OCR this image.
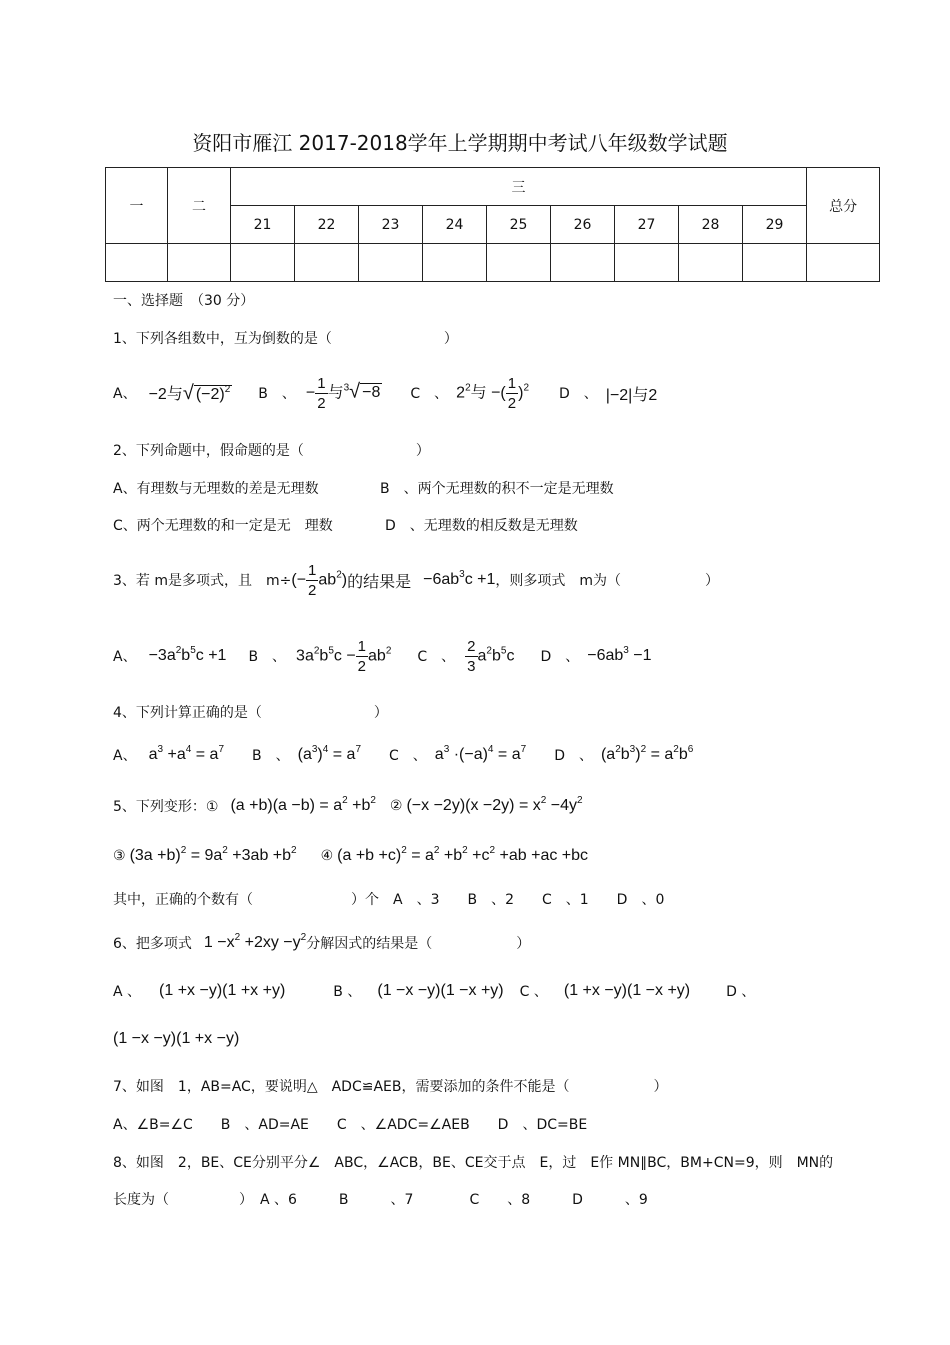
资阳市雁江 2017-2018学年上学期期中考试八年级数学试题
一	二	三									总分
		21	22	23	24	25	26	27	28	29	

一、选择题　（30 分）
1、下列各组数中，互为倒数的是（　　　　　　　　）
A、 −2与√ $(-2)^2$ B　、 − $\frac{1}{2}$ 与$^3$√ −8 C　、 $2^2$与 −( $\frac{1}{2} )^2$ D　、 |−2|与2
2、下列命题中，假命题的是（　　　　　　　　）
A、有理数与无理数的差是无理数	B　、两个无理数的积不一定是无理数
C、两个无理数的和一定是无　理数	D　、无理数的相反数是无理数
3、若 m是多项式，且　m÷ (− $\frac{1}{2} ab^2$) 的结果是 $-6ab^3c +1$ ，则多项式　m为（　　　　　　）
A、 $-3a^2b^5c +1$ B　、 $3a^2b^5c - \frac{1}{2} ab^2$ C　、 $\frac{2}{3} a^2b^5c$ D　、 $-6ab^3 -1$
4、下列计算正确的是（　　　　　　　　）
A、 $a^3 +a^4 = a^7$ B　、 $(a^3)^4 = a^7$ C　、 $a^3 \cdot(-a)^4 = a^7$ D　、 $(a^2b^3)^2 = a^2b^6$
5、下列变形：① $(a +b)(a -b) = a^2 +b^2$ ② $(-x -2y)(x -2y) = x^2 -4y^2$
③ $(3a +b)^2 = 9a^2 +3ab +b^2$ ④ $(a +b +c)^2 = a^2 +b^2 +c^2 +ab +ac +bc$
其中，正确的个数有（　　　　　　　）个　A　、3　　B　、2　　C　、1　　D　、0
6、把多项式 $1 -x^2 +2xy -y^2$ 分解因式的结果是（　　　　　　）
A 、 (1 +x −y)(1 +x +y)	B 、 (1 −x −y)(1 −x +y) C 、 (1 +x −y)(1 −x +y)	D 、
(1 −x −y)(1 +x −y)
7、如图　1，AB=AC，要说明△　ADC≌AEB，需要添加的条件不能是（　　　　　　）
A、∠B=∠C　　B　、AD=AE　　C　、∠ADC=∠AEB　　D　、DC=BE
8、如图　2，BE、CE分别平分∠　ABC，∠ACB，BE、CE交于点　E，过　E作 MN∥BC，BM+CN=9，则　MN的
长度为（　　　　　）　A 、6　　　B　　　、7　　　　C　　、8　　　D　　　、9
